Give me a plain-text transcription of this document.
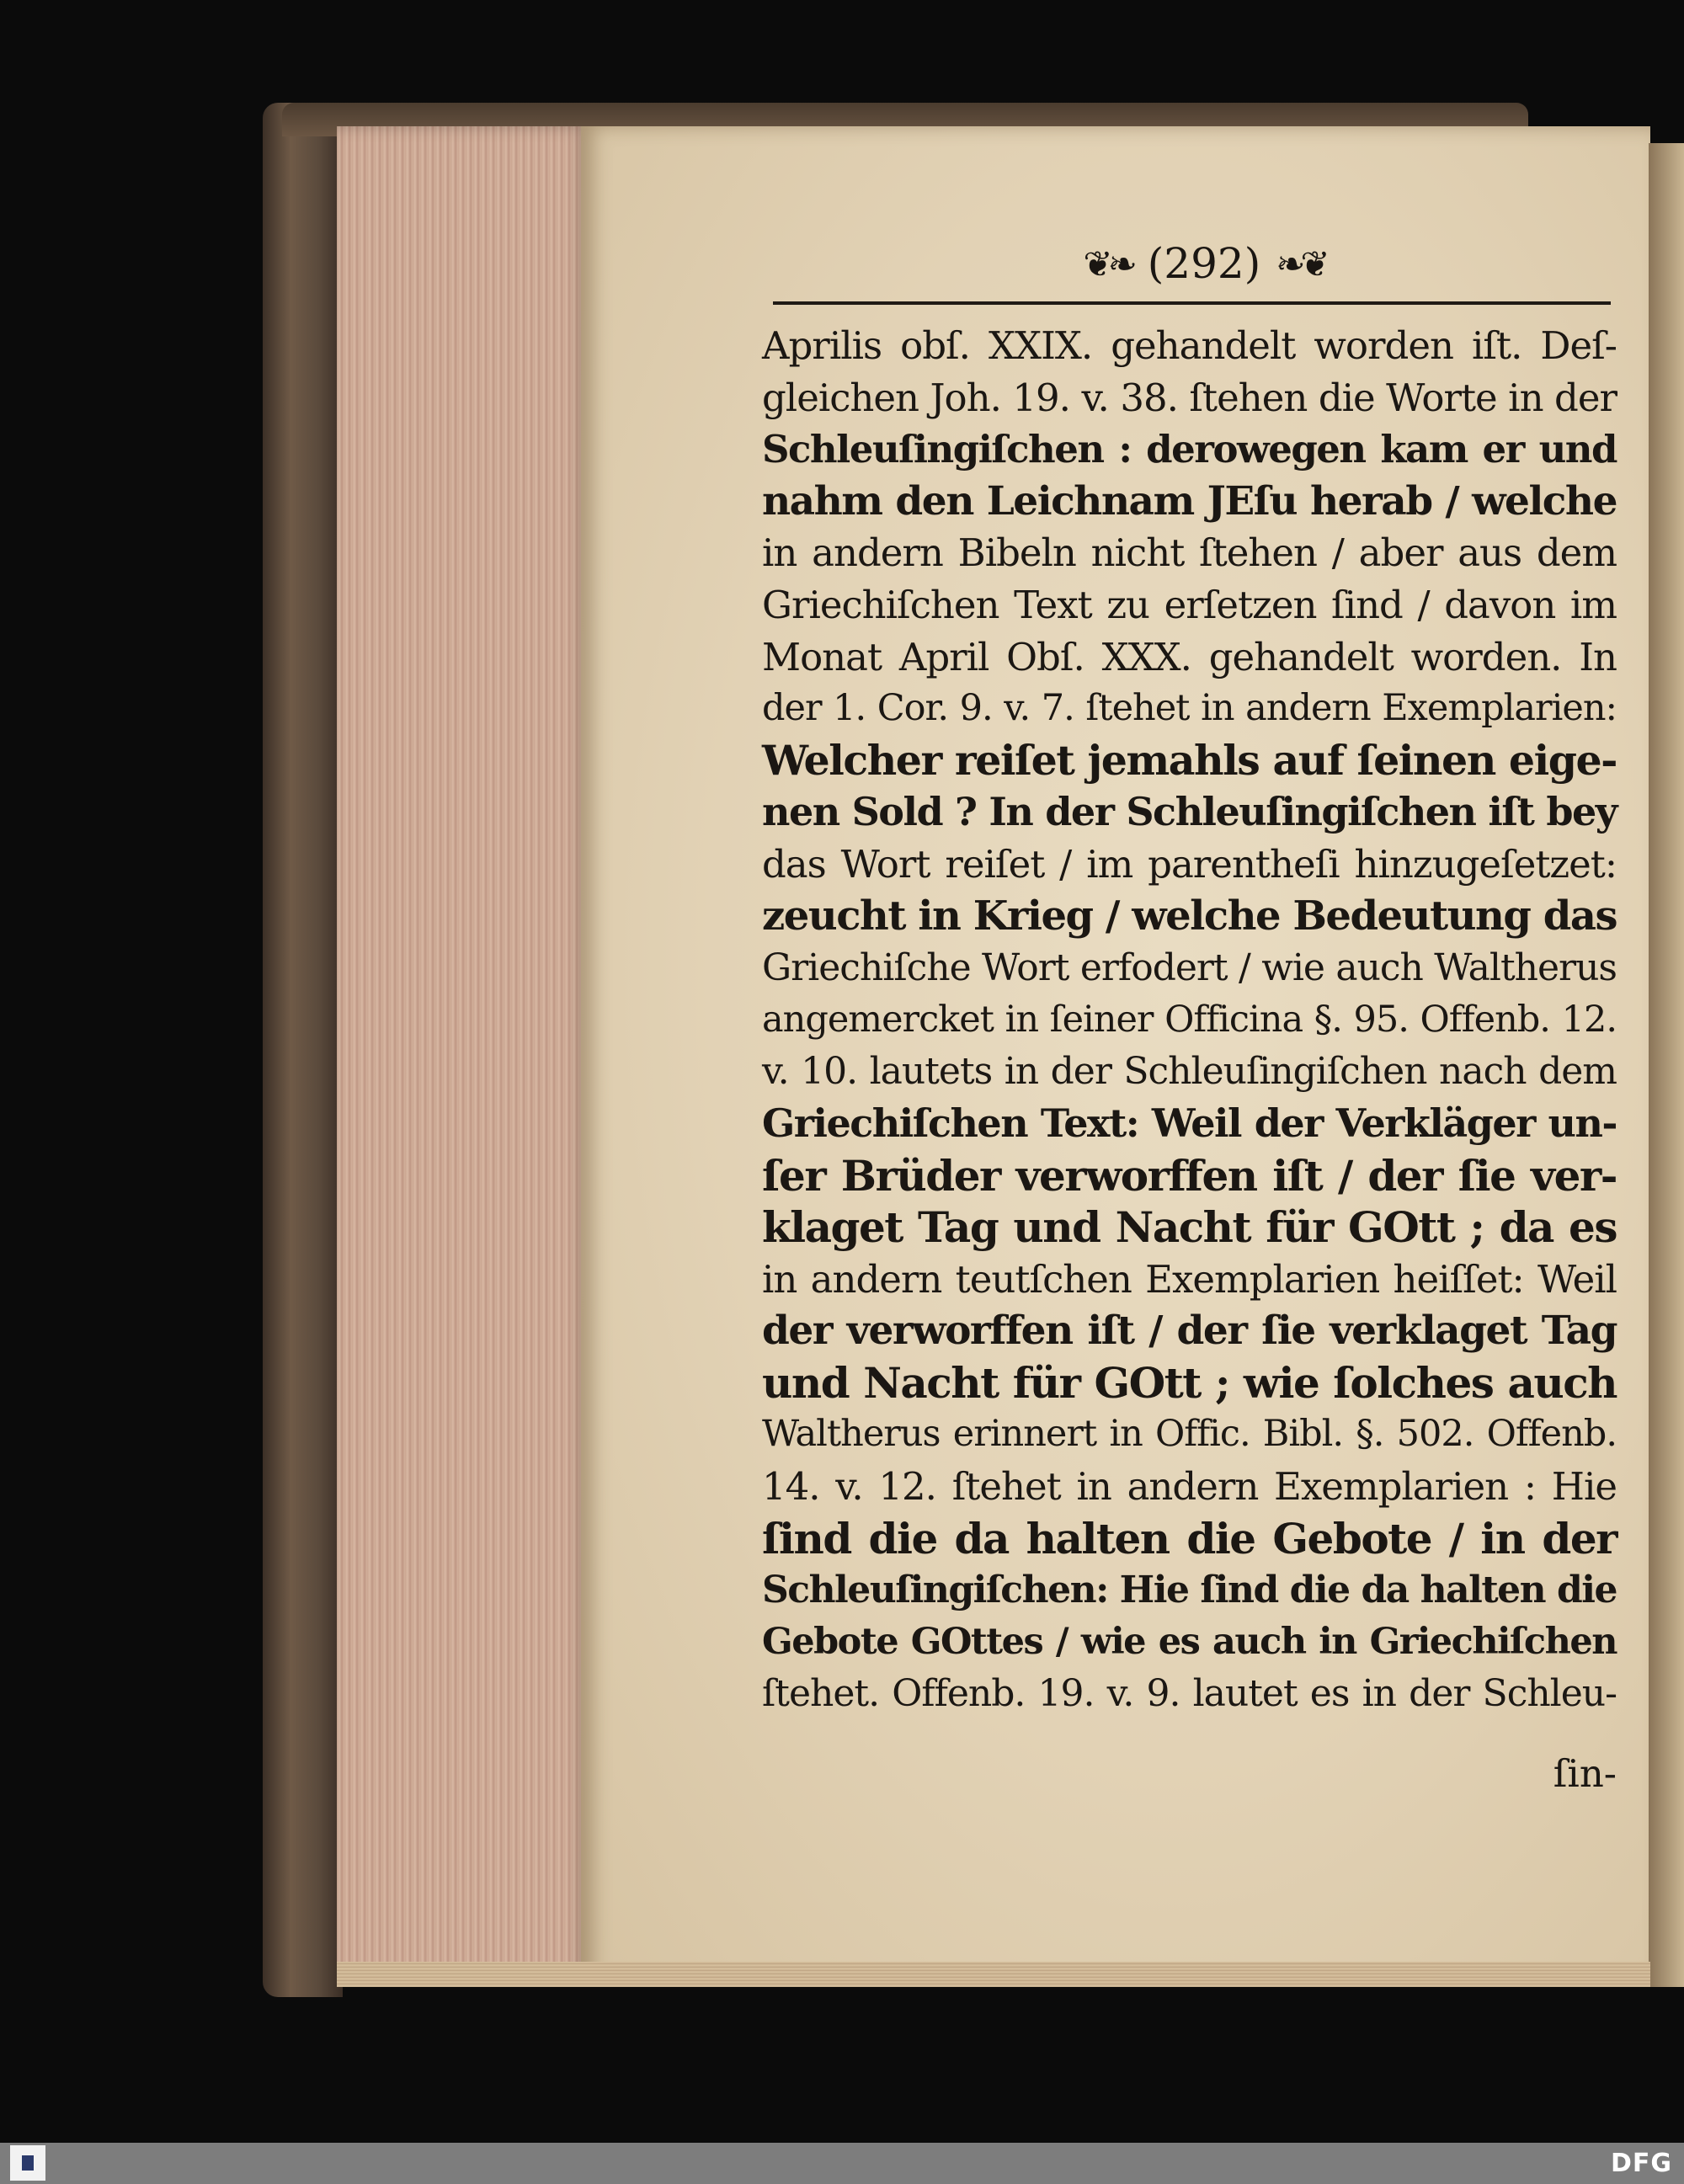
❦❧ (292) ❧❦
Aprilis obſ. XXIX. gehandelt worden iſt. Deſ-
gleichen Joh. 19. v. 38. ſtehen die Worte in der
Schleuſingiſchen : derowegen kam er und
nahm den Leichnam JEſu herab / welche
in andern Bibeln nicht ſtehen / aber aus dem
Griechiſchen Text zu erſetzen ſind / davon im
Monat April Obſ. XXX. gehandelt worden. In
der 1. Cor. 9. v. 7. ſtehet in andern Exemplarien:
Welcher reiſet jemahls auf ſeinen eige-
nen Sold ? In der Schleuſingiſchen iſt bey
das Wort reiſet / im parentheſi hinzugeſetzet:
zeucht in Krieg / welche Bedeutung das
Griechiſche Wort erfodert / wie auch Waltherus
angemercket in ſeiner Officina §. 95. Offenb. 12.
v. 10. lautets in der Schleuſingiſchen nach dem
Griechiſchen Text: Weil der Verkläger un-
ſer Brüder verworffen iſt / der ſie ver-
klaget Tag und Nacht für GOtt ; da es
in andern teutſchen Exemplarien heiſſet: Weil
der verworffen iſt / der ſie verklaget Tag
und Nacht für GOtt ; wie ſolches auch
Waltherus erinnert in Offic. Bibl. §. 502. Offenb.
14. v. 12. ſtehet in andern Exemplarien : Hie
ſind die da halten die Gebote / in der
Schleuſingiſchen: Hie ſind die da halten die
Gebote GOttes / wie es auch in Griechiſchen
ſtehet. Offenb. 19. v. 9. lautet es in der Schleu-
ſin-
DFG
